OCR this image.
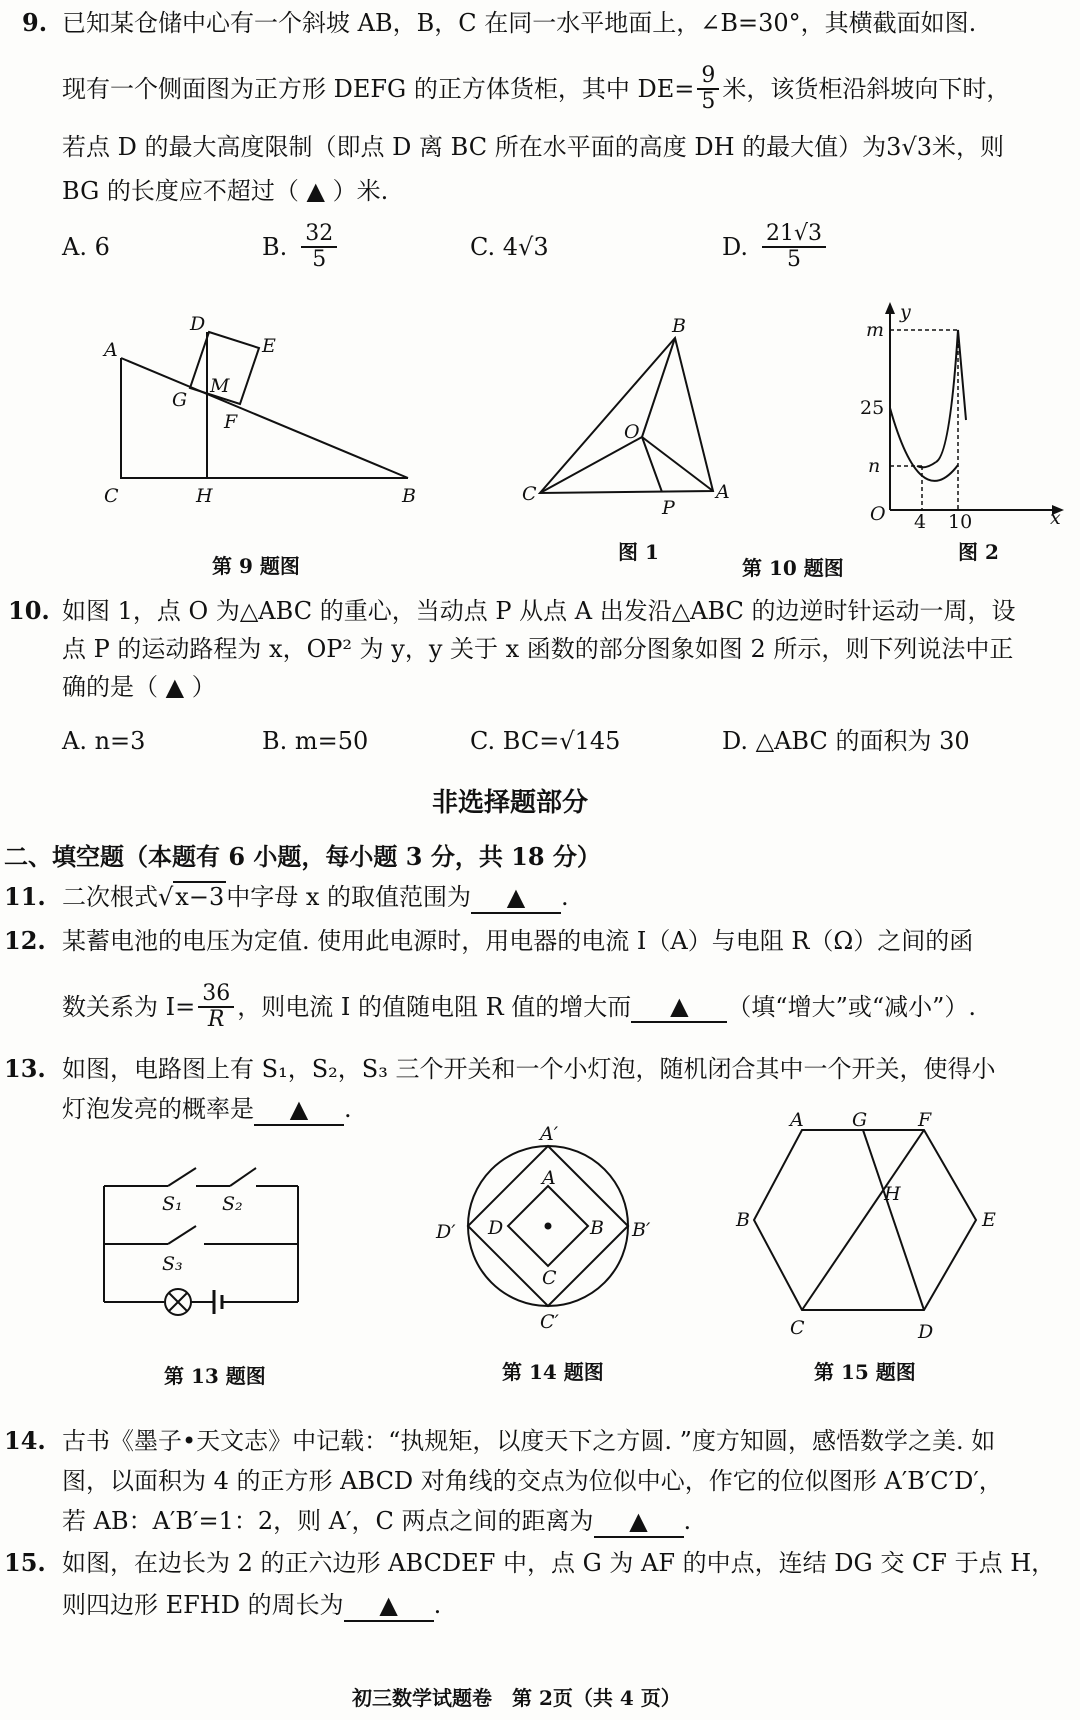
9. 已知某仓储中心有一个斜坡 AB，B，C 在同一水平地面上，∠B=30°，其横截面如图.
现有一个侧面图为正方形 DEFG 的正方体货柜，其中 $DE= \frac{9}{5}$ 米，该货柜沿斜坡向下时，
若点 D 的最大高度限制（即点 D 离 BC 所在水平面的高度 DH 的最大值）为3√3米，则
BG 的长度应不超过（ ▲ ）米.
A. 6	B. $\frac{32}{5}$	C. 4√3	D. $\frac{21√3}{5}$
A
D
E
M
G
F
C	H	B
第 9 题图
B
O
C
P
A
图 1
m
y
25
n
O 4 10	x
图 2
第 10 题图
10. 如图 1，点 O 为△ABC 的重心，当动点 P 从点 A 出发沿△ABC 的边逆时针运动一周，设
点 P 的运动路程为 x，OP² 为 y，y 关于 x 函数的部分图象如图 2 所示，则下列说法中正
确的是（ ▲ ）
A. n=3	B. m=50	C. BC=√145	D. △ABC 的面积为 30
非选择题部分
二、填空题（本题有 6 小题，每小题 3 分，共 18 分）
11. 二次根式√x−3中字母 x 的取值范围为 ▲ .
12. 某蓄电池的电压为定值. 使用此电源时，用电器的电流 I（A）与电阻 R（Ω）之间的函
数关系为 $I= \frac{36}{R}$ ，则电流 I 的值随电阻 R 值的增大而	▲	（填“增大”或“减小”）.
13. 如图，电路图上有 S₁，S₂，S₃ 三个开关和一个小灯泡，随机闭合其中一个开关，使得小
灯泡发亮的概率是 ▲ .
S₁ S₂
S₃
第 13 题图
A′
A
D′ D	B B′
C
C′
第 14 题图
A	G	F
H
B	E
C	D
第 15 题图
14. 古书《墨子•天文志》中记载：“执规矩，以度天下之方圆. ”度方知圆，感悟数学之美. 如
图，以面积为 4 的正方形 ABCD 对角线的交点为位似中心，作它的位似图形 A′B′C′D′，
若 AB：A′B′=1：2，则 A′，C 两点之间的距离为 ▲ .
15. 如图，在边长为 2 的正六边形 ABCDEF 中，点 G 为 AF 的中点，连结 DG 交 CF 于点 H，
则四边形 EFHD 的周长为 ▲ .
初三数学试题卷　第 2页（共 4 页）
